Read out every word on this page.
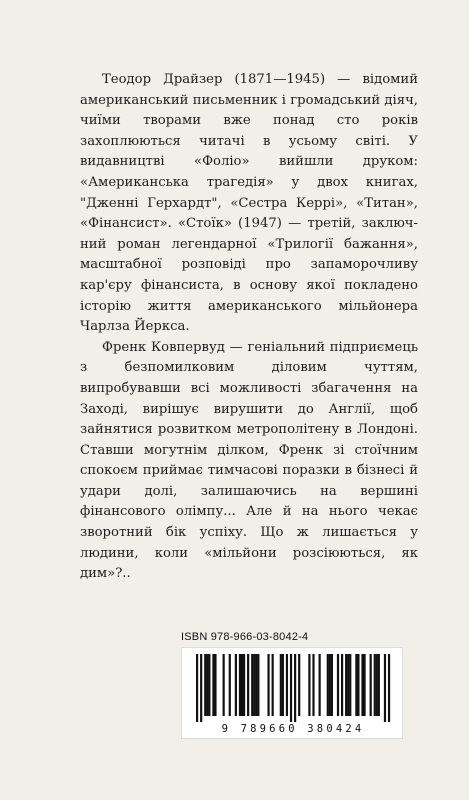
Теодор Драйзер (1871—1945) — відомий американський письменник і громадський діяч, чиїми творами вже понад сто років захоплюються читачі в усьому світі. У видавництві «Фоліо» вийшли друком: «Американська трагедія» у двох книгах, "Дженні Герхардт", «Сестра Керрі», «Титан», «Фінансист». «Стоїк» (1947) — третій, заключний роман легендарної «Трилогії бажання», масштабної розповіді про запаморочливу кар'єру фінансиста, в основу якої покладено історію життя американського мільйонера Чарлза Йеркса.

Френк Ковпервуд — геніальний підприємець з безпомилковим діловим чуттям, випробувавши всі можливості збагачення на Заході, вирішує вирушити до Англії, щоб зайнятися розвитком метрополітену в Лондоні. Ставши могутнім ділком, Френк зі стоїчним спокоєм приймає тимчасові поразки в бізнесі й удари долі, залишаючись на вершині фінансового олімпу... Але й на нього чекає зворотний бік успіху. Що ж лишається у людини, коли «мільйони розсіюються, як дим»?..

ISBN 978-966-03-8042-4
9 789660 380424
